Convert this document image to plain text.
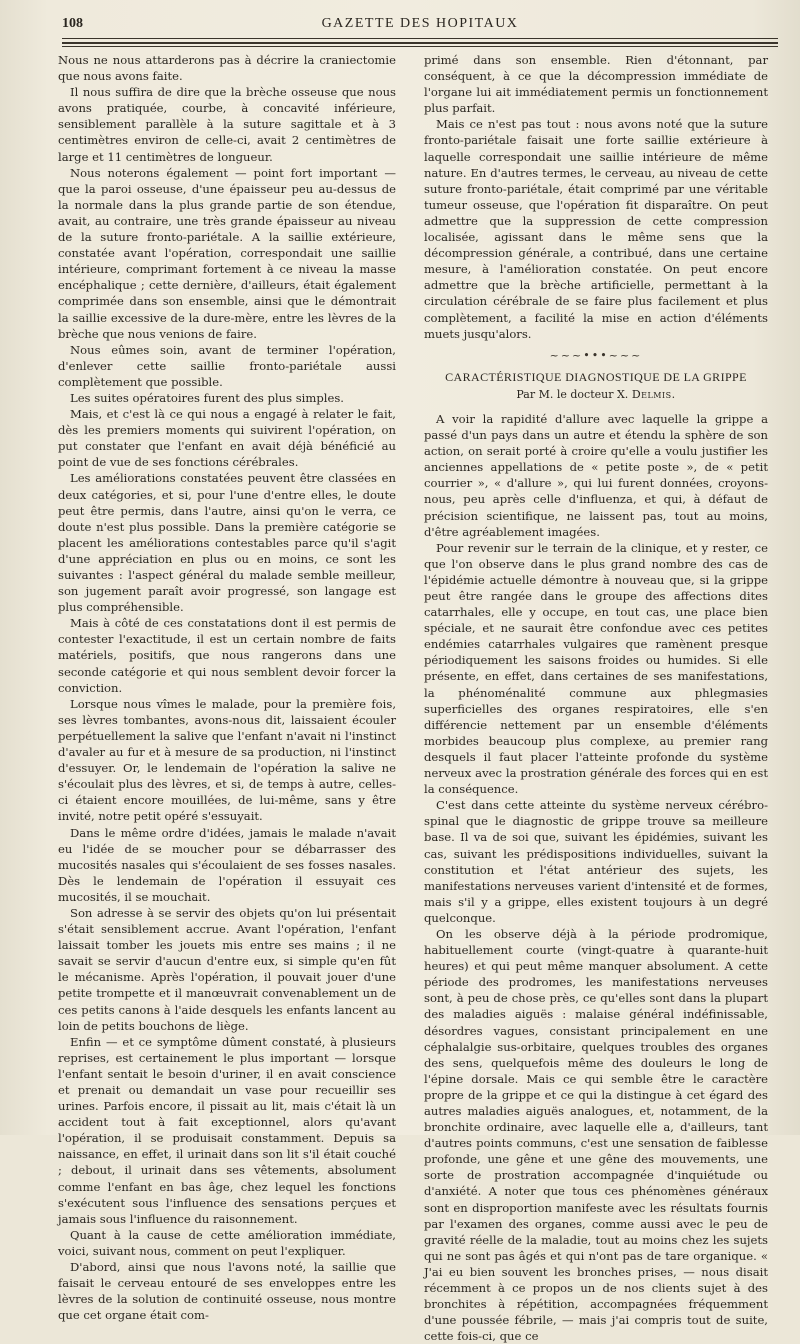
108	GAZETTE DES HOPITAUX

Nous ne nous attarderons pas à décrire la craniectomie que nous avons faite.

Il nous suffira de dire que la brèche osseuse que nous avons pratiquée, courbe, à concavité inférieure, sensiblement parallèle à la suture sagittale et à 3 centimètres environ de celle-ci, avait 2 centimètres de large et 11 centimètres de longueur.

Nous noterons également — point fort important — que la paroi osseuse, d'une épaisseur peu au-dessus de la normale dans la plus grande partie de son étendue, avait, au contraire, une très grande épaisseur au niveau de la suture fronto-pariétale. A la saillie extérieure, constatée avant l'opération, correspondait une saillie intérieure, comprimant fortement à ce niveau la masse encéphalique ; cette dernière, d'ailleurs, était également comprimée dans son ensemble, ainsi que le démontrait la saillie excessive de la dure-mère, entre les lèvres de la brèche que nous venions de faire.

Nous eûmes soin, avant de terminer l'opération, d'enlever cette saillie fronto-pariétale aussi complètement que possible.

Les suites opératoires furent des plus simples.

Mais, et c'est là ce qui nous a engagé à relater le fait, dès les premiers moments qui suivirent l'opération, on put constater que l'enfant en avait déjà bénéficié au point de vue de ses fonctions cérébrales.

Les améliorations constatées peuvent être classées en deux catégories, et si, pour l'une d'entre elles, le doute peut être permis, dans l'autre, ainsi qu'on le verra, ce doute n'est plus possible. Dans la première catégorie se placent les améliorations contestables parce qu'il s'agit d'une appréciation en plus ou en moins, ce sont les suivantes : l'aspect général du malade semble meilleur, son jugement paraît avoir progressé, son langage est plus compréhensible.

Mais à côté de ces constatations dont il est permis de contester l'exactitude, il est un certain nombre de faits matériels, positifs, que nous rangerons dans une seconde catégorie et qui nous semblent devoir forcer la conviction.

Lorsque nous vîmes le malade, pour la première fois, ses lèvres tombantes, avons-nous dit, laissaient écouler perpétuellement la salive que l'enfant n'avait ni l'instinct d'avaler au fur et à mesure de sa production, ni l'instinct d'essuyer. Or, le lendemain de l'opération la salive ne s'écoulait plus des lèvres, et si, de temps à autre, celles-ci étaient encore mouillées, de lui-même, sans y être invité, notre petit opéré s'essuyait.

Dans le même ordre d'idées, jamais le malade n'avait eu l'idée de se moucher pour se débarrasser des mucosités nasales qui s'écoulaient de ses fosses nasales. Dès le lendemain de l'opération il essuyait ces mucosités, il se mouchait.

Son adresse à se servir des objets qu'on lui présentait s'était sensiblement accrue. Avant l'opération, l'enfant laissait tomber les jouets mis entre ses mains ; il ne savait se servir d'aucun d'entre eux, si simple qu'en fût le mécanisme. Après l'opération, il pouvait jouer d'une petite trompette et il manœuvrait convenablement un de ces petits canons à l'aide desquels les enfants lancent au loin de petits bouchons de liège.

Enfin — et ce symptôme dûment constaté, à plusieurs reprises, est certainement le plus important — lorsque l'enfant sentait le besoin d'uriner, il en avait conscience et prenait ou demandait un vase pour recueillir ses urines. Parfois encore, il pissait au lit, mais c'était là un accident tout à fait exceptionnel, alors qu'avant l'opération, il se produisait constamment. Depuis sa naissance, en effet, il urinait dans son lit s'il était couché ; debout, il urinait dans ses vêtements, absolument comme l'enfant en bas âge, chez lequel les fonctions s'exécutent sous l'influence des sensations perçues et jamais sous l'influence du raisonnement.

Quant à la cause de cette amélioration immédiate, voici, suivant nous, comment on peut l'expliquer.

D'abord, ainsi que nous l'avons noté, la saillie que faisait le cerveau entouré de ses enveloppes entre les lèvres de la solution de continuité osseuse, nous montre que cet organe était com-

primé dans son ensemble. Rien d'étonnant, par conséquent, à ce que la décompression immédiate de l'organe lui ait immédiatement permis un fonctionnement plus parfait.

Mais ce n'est pas tout : nous avons noté que la suture fronto-pariétale faisait une forte saillie extérieure à laquelle correspondait une saillie intérieure de même nature. En d'autres termes, le cerveau, au niveau de cette suture fronto-pariétale, était comprimé par une véritable tumeur osseuse, que l'opération fit disparaître. On peut admettre que la suppression de cette compression localisée, agissant dans le même sens que la décompression générale, a contribué, dans une certaine mesure, à l'amélioration constatée. On peut encore admettre que la brèche artificielle, permettant à la circulation cérébrale de se faire plus facilement et plus complètement, a facilité la mise en action d'éléments muets jusqu'alors.

~~~•••~~~
CARACTÉRISTIQUE DIAGNOSTIQUE DE LA GRIPPE
Par M. le docteur X. Delmis.

A voir la rapidité d'allure avec laquelle la grippe a passé d'un pays dans un autre et étendu la sphère de son action, on serait porté à croire qu'elle a voulu justifier les anciennes appellations de « petite poste », de « petit courrier », « d'allure », qui lui furent données, croyons-nous, peu après celle d'influenza, et qui, à défaut de précision scientifique, ne laissent pas, tout au moins, d'être agréablement imagées.

Pour revenir sur le terrain de la clinique, et y rester, ce que l'on observe dans le plus grand nombre des cas de l'épidémie actuelle démontre à nouveau que, si la grippe peut être rangée dans le groupe des affections dites catarrhales, elle y occupe, en tout cas, une place bien spéciale, et ne saurait être confondue avec ces petites endémies catarrhales vulgaires que ramènent presque périodiquement les saisons froides ou humides. Si elle présente, en effet, dans certaines de ses manifestations, la phénoménalité commune aux phlegmasies superficielles des organes respiratoires, elle s'en différencie nettement par un ensemble d'éléments morbides beaucoup plus complexe, au premier rang desquels il faut placer l'atteinte profonde du système nerveux avec la prostration générale des forces qui en est la conséquence.

C'est dans cette atteinte du système nerveux cérébro-spinal que le diagnostic de grippe trouve sa meilleure base. Il va de soi que, suivant les épidémies, suivant les cas, suivant les prédispositions individuelles, suivant la constitution et l'état antérieur des sujets, les manifestations nerveuses varient d'intensité et de formes, mais s'il y a grippe, elles existent toujours à un degré quelconque.

On les observe déjà à la période prodromique, habituellement courte (vingt-quatre à quarante-huit heures) et qui peut même manquer absolument. A cette période des prodromes, les manifestations nerveuses sont, à peu de chose près, ce qu'elles sont dans la plupart des maladies aiguës : malaise général indéfinissable, désordres vagues, consistant principalement en une céphalalgie sus-orbitaire, quelques troubles des organes des sens, quelquefois même des douleurs le long de l'épine dorsale. Mais ce qui semble être le caractère propre de la grippe et ce qui la distingue à cet égard des autres maladies aiguës analogues, et, notamment, de la bronchite ordinaire, avec laquelle elle a, d'ailleurs, tant d'autres points communs, c'est une sensation de faiblesse profonde, une gêne et une gêne des mouvements, une sorte de prostration accompagnée d'inquiétude ou d'anxiété. A noter que tous ces phénomènes généraux sont en disproportion manifeste avec les résultats fournis par l'examen des organes, comme aussi avec le peu de gravité réelle de la maladie, tout au moins chez les sujets qui ne sont pas âgés et qui n'ont pas de tare organique. « J'ai eu bien souvent les bronches prises, — nous disait récemment à ce propos un de nos clients sujet à des bronchites à répétition, accompagnées fréquemment d'une poussée fébrile, — mais j'ai compris tout de suite, cette fois-ci, que ce
